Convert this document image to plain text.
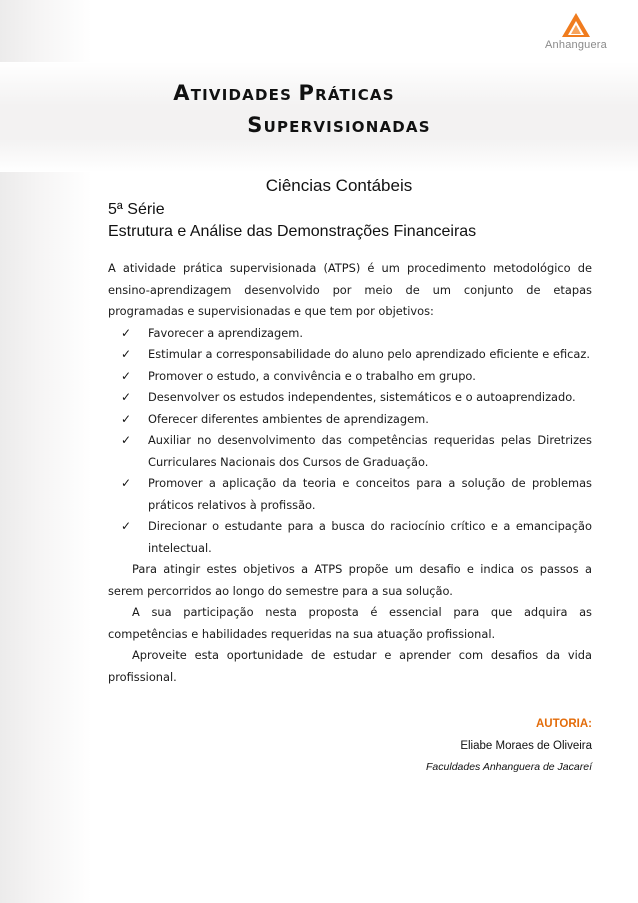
Anhanguera
ATIVIDADES PRÁTICAS
SUPERVISIONADAS
Ciências Contábeis
5ª Série
Estrutura e Análise das Demonstrações Financeiras

A atividade prática supervisionada (ATPS) é um procedimento metodológico de ensino-aprendizagem desenvolvido por meio de um conjunto de etapas programadas e supervisionadas e que tem por objetivos:

✓	Favorecer a aprendizagem.
✓	Estimular a corresponsabilidade do aluno pelo aprendizado eficiente e eficaz.
✓	Promover o estudo, a convivência e o trabalho em grupo.
✓	Desenvolver os estudos independentes, sistemáticos e o autoaprendizado.
✓	Oferecer diferentes ambientes de aprendizagem.
✓	Auxiliar no desenvolvimento das competências requeridas pelas Diretrizes Curriculares Nacionais dos Cursos de Graduação.
✓	Promover a aplicação da teoria e conceitos para a solução de problemas práticos relativos à profissão.
✓	Direcionar o estudante para a busca do raciocínio crítico e a emancipação intelectual.

Para atingir estes objetivos a ATPS propõe um desafio e indica os passos a serem percorridos ao longo do semestre para a sua solução.

A sua participação nesta proposta é essencial para que adquira as competências e habilidades requeridas na sua atuação profissional.

Aproveite esta oportunidade de estudar e aprender com desafios da vida profissional.

AUTORIA:
Eliabe Moraes de Oliveira
Faculdades Anhanguera de Jacareí
